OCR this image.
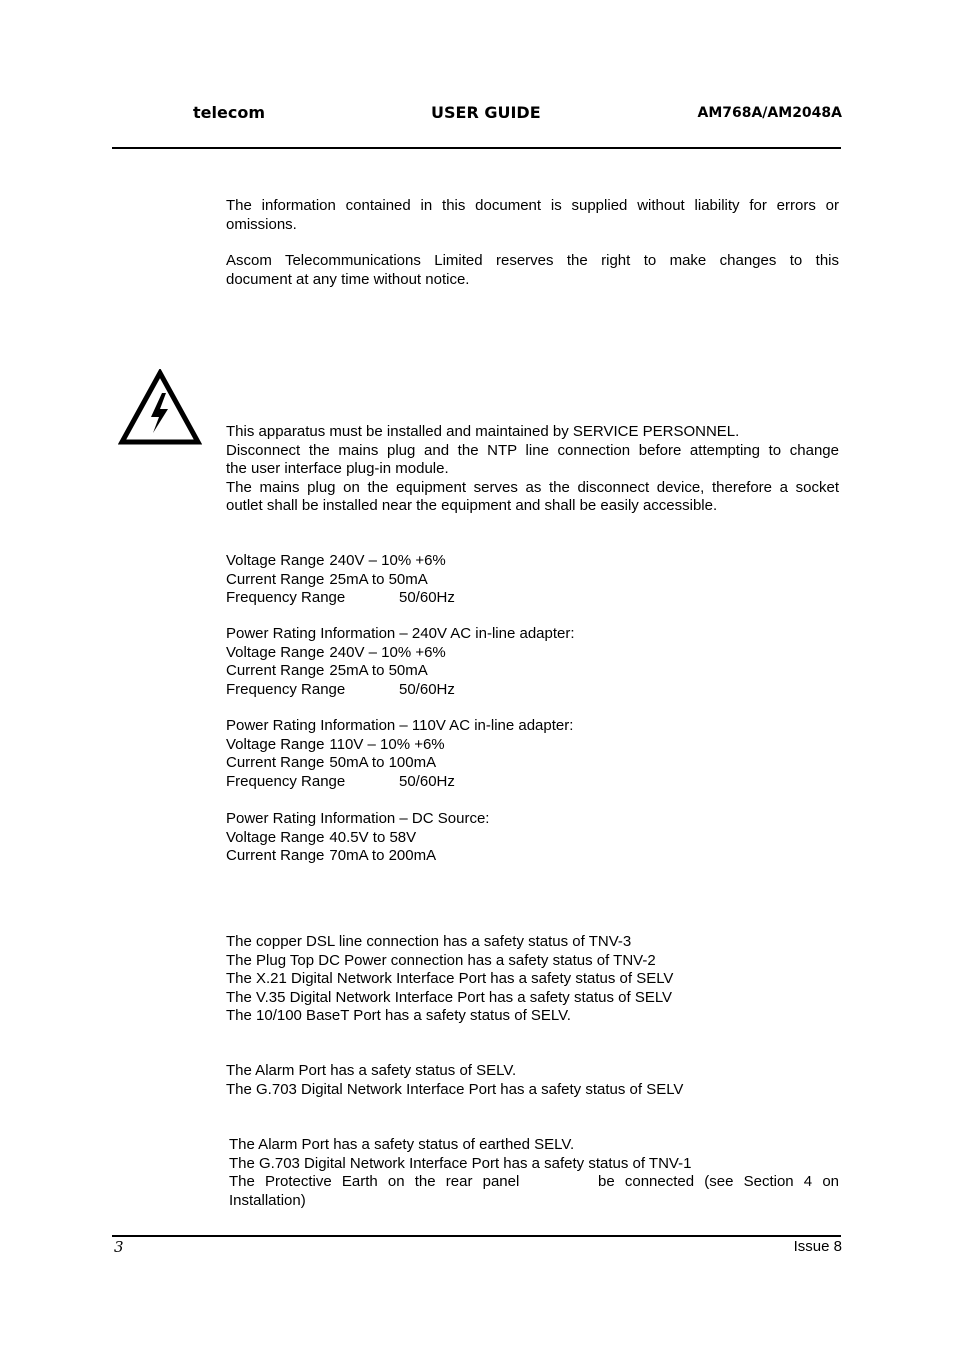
telecom	USER GUIDE	AM768A/AM2048A
The information contained in this document is supplied without liability for errors or
omissions.
Ascom Telecommunications Limited reserves the right to make changes to this
document at any time without notice.
This apparatus must be installed and maintained by SERVICE PERSONNEL.
Disconnect the mains plug and the NTP line connection before attempting to change
the user interface plug-in module.
The mains plug on the equipment serves as the disconnect device, therefore a socket
outlet shall be installed near the equipment and shall be easily accessible.
Voltage Range 240V – 10% +6%
Current Range 25mA to 50mA
Frequency Range	50/60Hz
Power Rating Information – 240V AC in-line adapter:
Voltage Range 240V – 10% +6%
Current Range 25mA to 50mA
Frequency Range	50/60Hz
Power Rating Information – 110V AC in-line adapter:
Voltage Range 110V – 10% +6%
Current Range 50mA to 100mA
Frequency Range	50/60Hz
Power Rating Information – DC Source:
Voltage Range 40.5V to 58V
Current Range 70mA to 200mA
The copper DSL line connection has a safety status of TNV-3
The Plug Top DC Power connection has a safety status of TNV-2
The X.21 Digital Network Interface Port has a safety status of SELV
The V.35 Digital Network Interface Port has a safety status of SELV
The 10/100 BaseT Port has a safety status of SELV.
The Alarm Port has a safety status of SELV.
The G.703 Digital Network Interface Port has a safety status of SELV
The Alarm Port has a safety status of earthed SELV.
The G.703 Digital Network Interface Port has a safety status of TNV-1
The Protective Earth on the rear panel	be connected (see Section 4 on
Installation)
3	Issue 8
